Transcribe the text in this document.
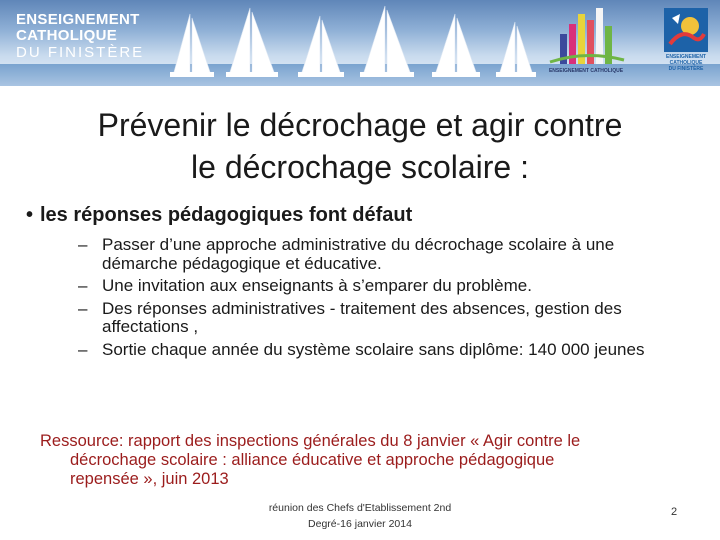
ENSEIGNEMENT
CATHOLIQUE
DU FINISTÈRE
ENSEIGNEMENT CATHOLIQUE
ENSEIGNEMENT
CATHOLIQUE
DU FINISTÈRE
Prévenir le décrochage et agir contre
le décrochage scolaire :
• les réponses pédagogiques font défaut
– Passer d’une approche administrative du décrochage scolaire à une démarche pédagogique et éducative.
– Une invitation aux enseignants à s’emparer du problème.
– Des réponses administratives - traitement des absences, gestion des affectations ,
– Sortie chaque année du système scolaire sans diplôme: 140 000 jeunes
Ressource: rapport des inspections générales du 8 janvier « Agir contre le
décrochage scolaire : alliance éducative et approche pédagogique
repensée », juin 2013
réunion des Chefs d'Etablissement 2nd
Degré-16 janvier 2014
2
